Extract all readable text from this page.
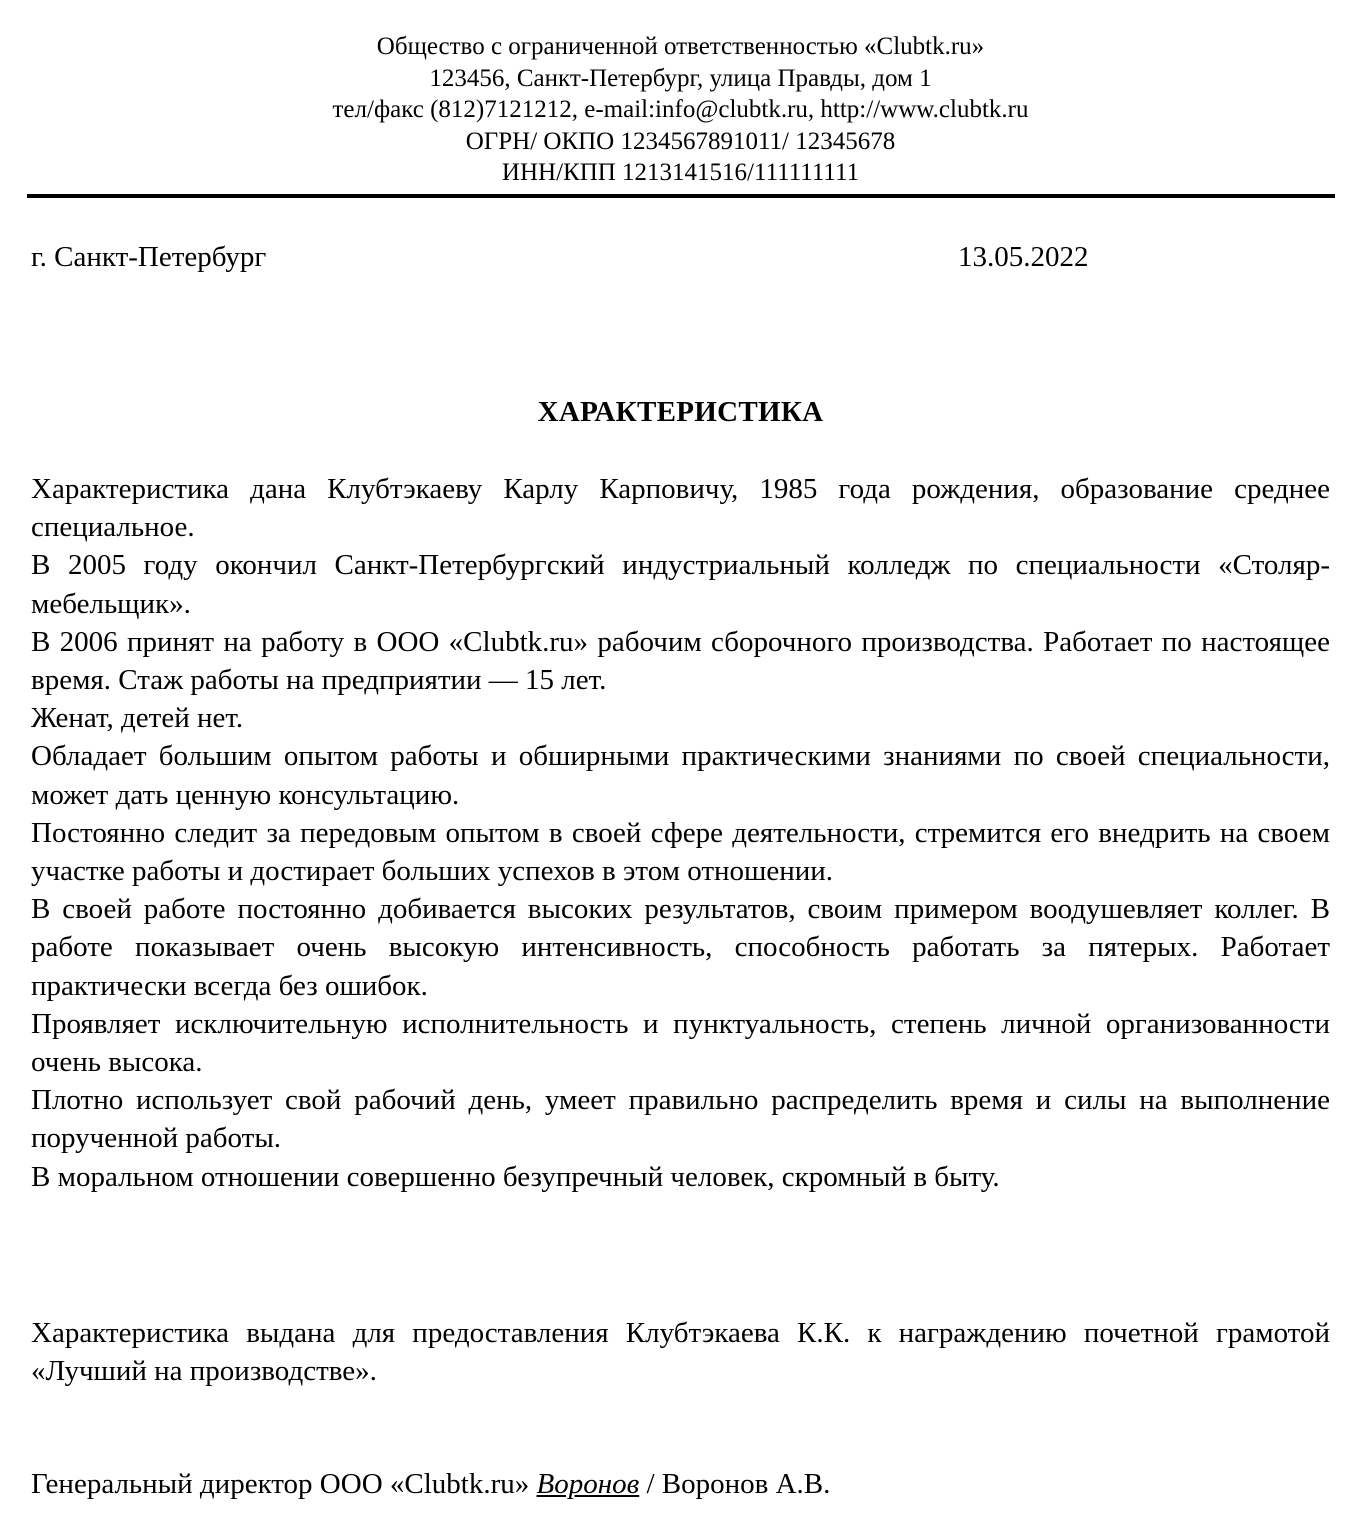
Общество с ограниченной ответственностью «Clubtk.ru»
123456, Санкт-Петербург, улица Правды, дом 1
тел/факс (812)7121212, e-mail:info@clubtk.ru, http://www.clubtk.ru
ОГРН/ ОКПО 1234567891011/ 12345678
ИНН/КПП 1213141516/111111111
г. Санкт-Петербург	13.05.2022
ХАРАКТЕРИСТИКА

Характеристика дана Клубтэкаеву Карлу Карповичу, 1985 года рождения, образование среднее специальное.

В 2005 году окончил Санкт-Петербургский индустриальный колледж по специальности «Столяр-мебельщик».

В 2006 принят на работу в ООО «Clubtk.ru» рабочим сборочного производства. Работает по настоящее время. Стаж работы на предприятии — 15 лет.

Женат, детей нет.

Обладает большим опытом работы и обширными практическими знаниями по своей специальности, может дать ценную консультацию.

Постоянно следит за передовым опытом в своей сфере деятельности, стремится его внедрить на своем участке работы и достирает больших успехов в этом отношении.

В своей работе постоянно добивается высоких результатов, своим примером воодушевляет коллег. В работе показывает очень высокую интенсивность, способность работать за пятерых. Работает практически всегда без ошибок.

Проявляет исключительную исполнительность и пунктуальность, степень личной организованности очень высока.

Плотно использует свой рабочий день, умеет правильно распределить время и силы на выполнение порученной работы.

В моральном отношении совершенно безупречный человек, скромный в быту.

Характеристика выдана для предоставления Клубтэкаева К.К. к награждению почетной грамотой «Лучший на производстве».

Генеральный директор ООО «Clubtk.ru» Воронов / Воронов А.В.
